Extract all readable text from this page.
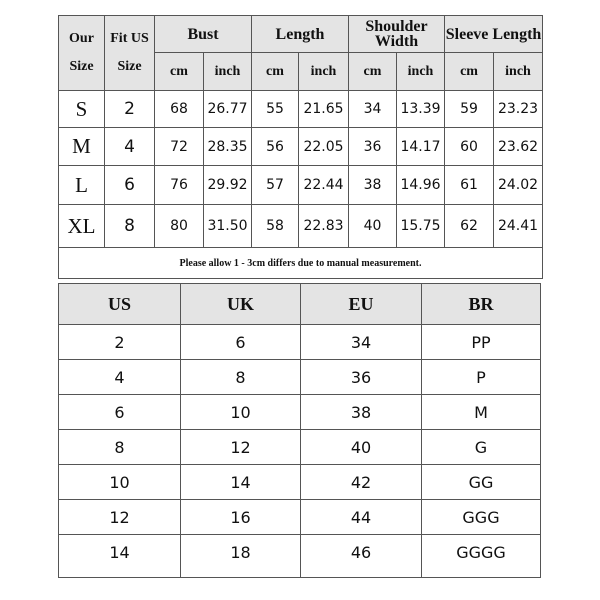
Our Size	Fit US Size	Bust		Length		Shoulder Width		Sleeve Length	
		cm	inch	cm	inch	cm	inch	cm	inch
S	2	68	26.77	55	21.65	34	13.39	59	23.23
M	4	72	28.35	56	22.05	36	14.17	60	23.62
L	6	76	29.92	57	22.44	38	14.96	61	24.02
XL	8	80	31.50	58	22.83	40	15.75	62	24.41
Please allow 1 - 3cm differs due to manual measurement.									
US	UK	EU	BR
2	6	34	PP
4	8	36	P
6	10	38	M
8	12	40	G
10	14	42	GG
12	16	44	GGG
14	18	46	GGGG
